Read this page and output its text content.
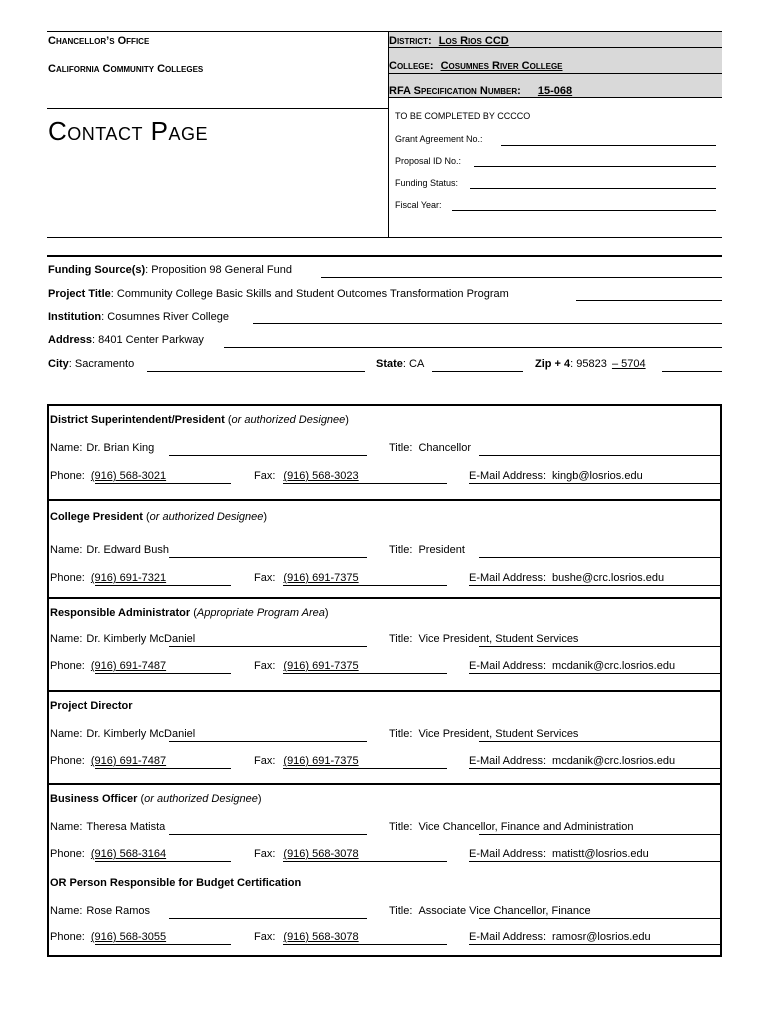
Chancellor’s Office
California Community Colleges
District: Los Rios CCD
College: Cosumnes River College
RFA Specification Number: 15-068
Contact Page	TO BE COMPLETED BY CCCCO
Grant Agreement No.:
Proposal ID No.:
Funding Status:
Fiscal Year:
Funding Source(s): Proposition 98 General Fund
Project Title: Community College Basic Skills and Student Outcomes Transformation Program
Institution: Cosumnes River College
Address: 8401 Center Parkway
City: Sacramento	State: CA	Zip + 4: 95823 – 5704
District Superintendent/President (or authorized Designee)
Name: Dr. Brian King	Title: Chancellor
Phone: (916) 568-3021	Fax: (916) 568-3023	E-Mail Address: kingb@losrios.edu
College President (or authorized Designee)
Name: Dr. Edward Bush	Title: President
Phone: (916) 691-7321	Fax: (916) 691-7375	E-Mail Address: bushe@crc.losrios.edu
Responsible Administrator (Appropriate Program Area)
Name: Dr. Kimberly McDaniel	Title: Vice President, Student Services
Phone: (916) 691-7487	Fax: (916) 691-7375	E-Mail Address: mcdanik@crc.losrios.edu
Project Director
Name: Dr. Kimberly McDaniel	Title: Vice President, Student Services
Phone: (916) 691-7487	Fax: (916) 691-7375	E-Mail Address: mcdanik@crc.losrios.edu
Business Officer (or authorized Designee)
Name: Theresa Matista	Title: Vice Chancellor, Finance and Administration
Phone: (916) 568-3164	Fax: (916) 568-3078	E-Mail Address: matistt@losrios.edu
OR Person Responsible for Budget Certification
Name: Rose Ramos	Title: Associate Vice Chancellor, Finance
Phone: (916) 568-3055	Fax: (916) 568-3078	E-Mail Address: ramosr@losrios.edu
